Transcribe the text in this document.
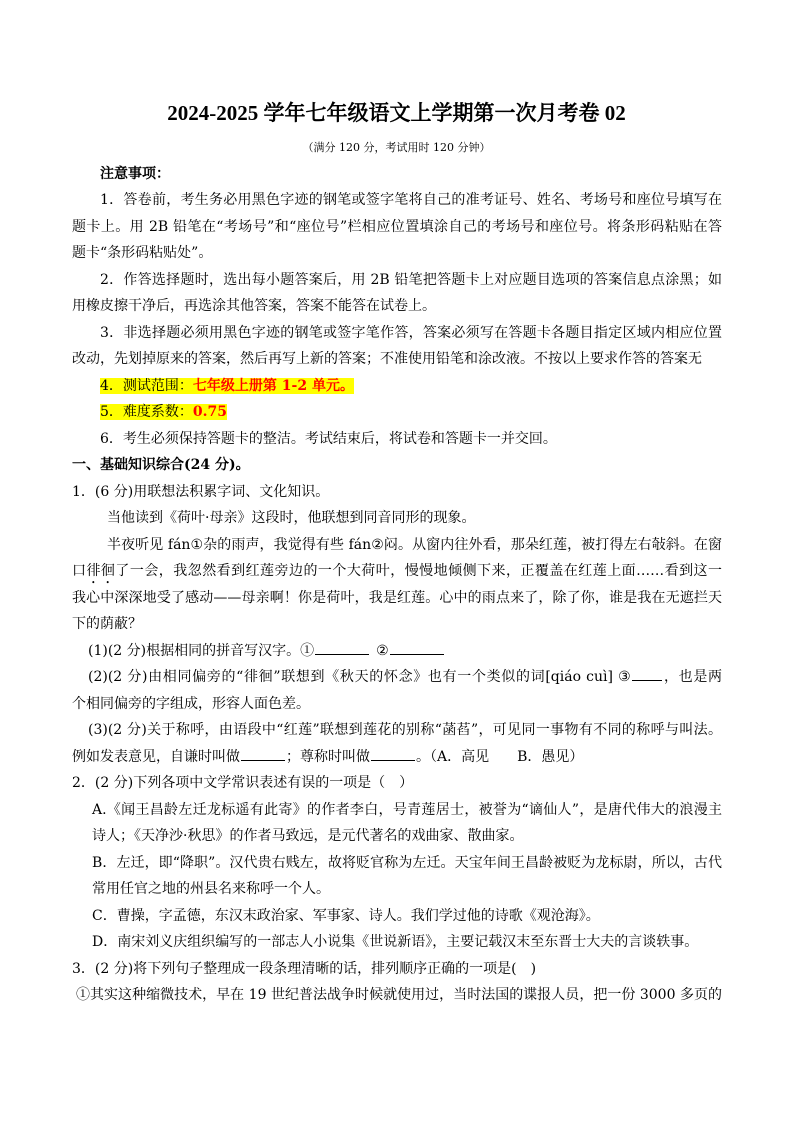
2024-2025 学年七年级语文上学期第一次月考卷 02
（满分 120 分，考试用时 120 分钟）
注意事项：
1．答卷前，考生务必用黑色字迹的钢笔或签字笔将自己的准考证号、姓名、考场号和座位号填写在
题卡上。用 2B 铅笔在“考场号”和“座位号”栏相应位置填涂自己的考场号和座位号。将条形码粘贴在答
题卡“条形码粘贴处”。
2．作答选择题时，选出每小题答案后，用 2B 铅笔把答题卡上对应题目选项的答案信息点涂黑；如
用橡皮擦干净后，再选涂其他答案，答案不能答在试卷上。
3．非选择题必须用黑色字迹的钢笔或签字笔作答，答案必须写在答题卡各题目指定区域内相应位置
改动，先划掉原来的答案，然后再写上新的答案；不准使用铅笔和涂改液。不按以上要求作答的答案无
4．测试范围：七年级上册第 1-2 单元。
5．难度系数：0.75
6．考生必须保持答题卡的整洁。考试结束后，将试卷和答题卡一并交回。
一、基础知识综合(24 分)。
1．(6 分)用联想法积累字词、文化知识。
当他读到《荷叶·母亲》这段时，他联想到同音同形的现象。
半夜听见 fán①杂的雨声，我觉得有些 fán②闷。从窗内往外看，那朵红莲，被打得左右敧斜。在窗
口徘徊了一会，我忽然看到红莲旁边的一个大荷叶，慢慢地倾侧下来，正覆盖在红莲上面……看到这一
我心中深深地受了感动——母亲啊！你是荷叶，我是红莲。心中的雨点来了，除了你，谁是我在无遮拦天
下的荫蔽？
(1)(2 分)根据相同的拼音写汉字。①	②
(2)(2 分)由相同偏旁的“徘徊”联想到《秋天的怀念》也有一个类似的词[qiáo cuì] ③ ，也是两
个相同偏旁的字组成，形容人面色差。
(3)(2 分)关于称呼，由语段中“红莲”联想到莲花的别称“菡萏”，可见同一事物有不同的称呼与叫法。
例如发表意见，自谦时叫做	；尊称时叫做	。（A．高见　　B．愚见）
2．(2 分)下列各项中文学常识表述有误的一项是（　）
A.《闻王昌龄左迁龙标遥有此寄》的作者李白，号青莲居士，被誉为“谪仙人”，是唐代伟大的浪漫主
诗人；《天净沙·秋思》的作者马致远，是元代著名的戏曲家、散曲家。
B．左迁，即“降职”。汉代贵右贱左，故将贬官称为左迁。天宝年间王昌龄被贬为龙标尉，所以，古代
常用任官之地的州县名来称呼一个人。
C．曹操，字孟德，东汉末政治家、军事家、诗人。我们学过他的诗歌《观沧海》。
D．南宋刘义庆组织编写的一部志人小说集《世说新语》，主要记载汉末至东晋士大夫的言谈轶事。
3．(2 分)将下列句子整理成一段条理清晰的话，排列顺序正确的一项是(　)
①其实这种缩微技术，早在 19 世纪普法战争时候就使用过，当时法国的谍报人员，把一份 3000 多页的
